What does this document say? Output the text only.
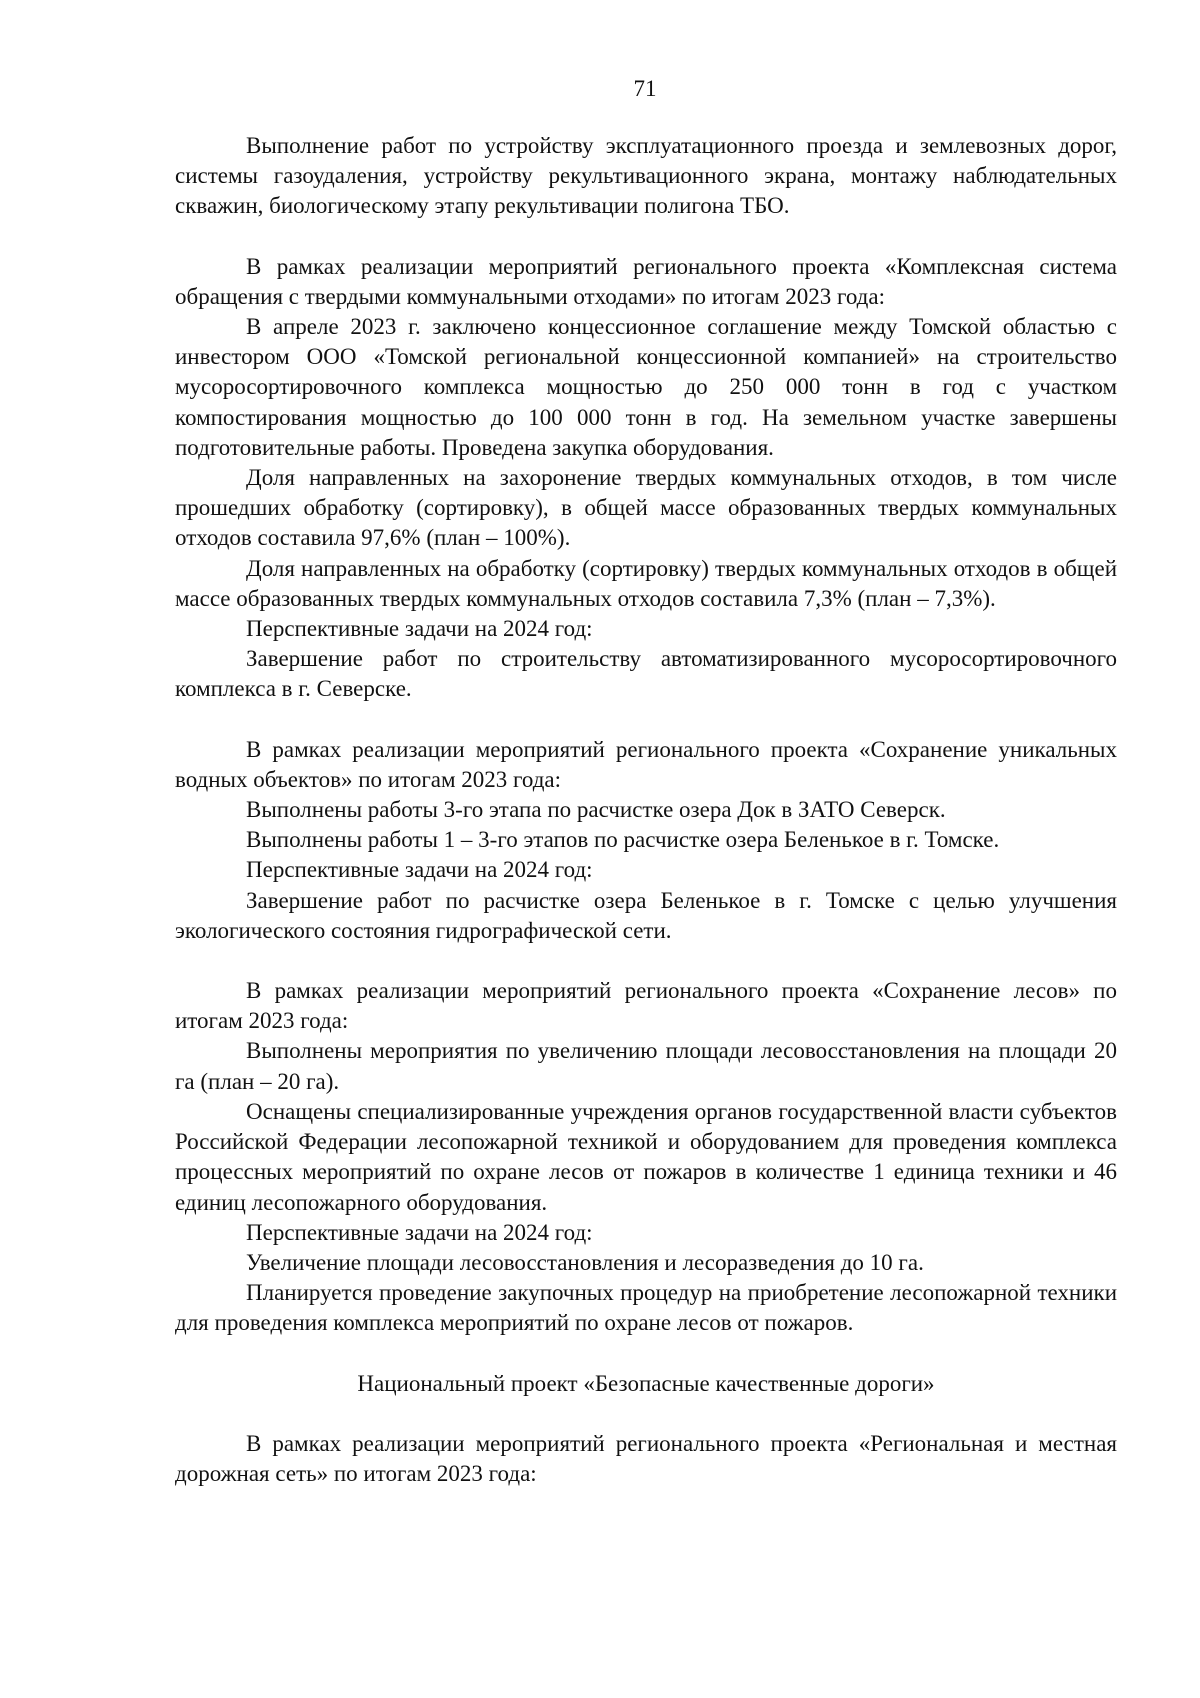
71

Выполнение работ по устройству эксплуатационного проезда и землевозных дорог, системы газоудаления, устройству рекультивационного экрана, монтажу наблюдательных скважин, биологическому этапу рекультивации полигона ТБО.

В рамках реализации мероприятий регионального проекта «Комплексная система обращения с твердыми коммунальными отходами» по итогам 2023 года:

В апреле 2023 г. заключено концессионное соглашение между Томской областью с инвестором ООО «Томской региональной концессионной компанией» на строительство мусоросортировочного комплекса мощностью до 250 000 тонн в год с участком компостирования мощностью до 100 000 тонн в год. На земельном участке завершены подготовительные работы. Проведена закупка оборудования.

Доля направленных на захоронение твердых коммунальных отходов, в том числе прошедших обработку (сортировку), в общей массе образованных твердых коммунальных отходов составила 97,6% (план – 100%).

Доля направленных на обработку (сортировку) твердых коммунальных отходов в общей массе образованных твердых коммунальных отходов составила 7,3% (план – 7,3%).

Перспективные задачи на 2024 год:

Завершение работ по строительству автоматизированного мусоросортировочного комплекса в г. Северске.

В рамках реализации мероприятий регионального проекта «Сохранение уникальных водных объектов» по итогам 2023 года:

Выполнены работы 3-го этапа по расчистке озера Док в ЗАТО Северск.

Выполнены работы 1 – 3-го этапов по расчистке озера Беленькое в г. Томске.

Перспективные задачи на 2024 год:

Завершение работ по расчистке озера Беленькое в г. Томске с целью улучшения экологического состояния гидрографической сети.

В рамках реализации мероприятий регионального проекта «Сохранение лесов» по итогам 2023 года:

Выполнены мероприятия по увеличению площади лесовосстановления на площади 20 га (план – 20 га).

Оснащены специализированные учреждения органов государственной власти субъектов Российской Федерации лесопожарной техникой и оборудованием для проведения комплекса процессных мероприятий по охране лесов от пожаров в количестве 1 единица техники и 46 единиц лесопожарного оборудования.

Перспективные задачи на 2024 год:

Увеличение площади лесовосстановления и лесоразведения до 10 га.

Планируется проведение закупочных процедур на приобретение лесопожарной техники для проведения комплекса мероприятий по охране лесов от пожаров.

Национальный проект «Безопасные качественные дороги»

В рамках реализации мероприятий регионального проекта «Региональная и местная дорожная сеть» по итогам 2023 года:
